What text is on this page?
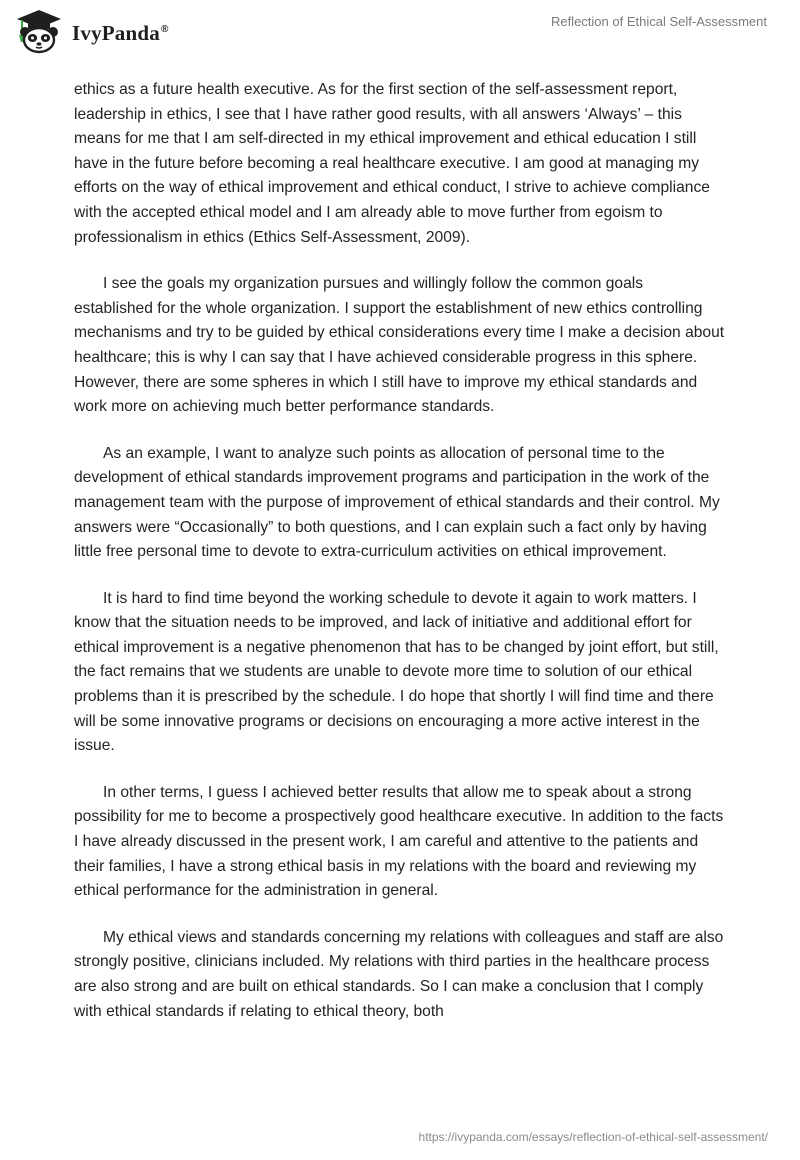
IvyPanda®	Reflection of Ethical Self-Assessment

ethics as a future health executive. As for the first section of the self-assessment report, leadership in ethics, I see that I have rather good results, with all answers ‘Always’ – this means for me that I am self-directed in my ethical improvement and ethical education I still have in the future before becoming a real healthcare executive. I am good at managing my efforts on the way of ethical improvement and ethical conduct, I strive to achieve compliance with the accepted ethical model and I am already able to move further from egoism to professionalism in ethics (Ethics Self-Assessment, 2009).

I see the goals my organization pursues and willingly follow the common goals established for the whole organization. I support the establishment of new ethics controlling mechanisms and try to be guided by ethical considerations every time I make a decision about healthcare; this is why I can say that I have achieved considerable progress in this sphere. However, there are some spheres in which I still have to improve my ethical standards and work more on achieving much better performance standards.

As an example, I want to analyze such points as allocation of personal time to the development of ethical standards improvement programs and participation in the work of the management team with the purpose of improvement of ethical standards and their control. My answers were “Occasionally” to both questions, and I can explain such a fact only by having little free personal time to devote to extra-curriculum activities on ethical improvement.

It is hard to find time beyond the working schedule to devote it again to work matters. I know that the situation needs to be improved, and lack of initiative and additional effort for ethical improvement is a negative phenomenon that has to be changed by joint effort, but still, the fact remains that we students are unable to devote more time to solution of our ethical problems than it is prescribed by the schedule. I do hope that shortly I will find time and there will be some innovative programs or decisions on encouraging a more active interest in the issue.

In other terms, I guess I achieved better results that allow me to speak about a strong possibility for me to become a prospectively good healthcare executive. In addition to the facts I have already discussed in the present work, I am careful and attentive to the patients and their families, I have a strong ethical basis in my relations with the board and reviewing my ethical performance for the administration in general.

My ethical views and standards concerning my relations with colleagues and staff are also strongly positive, clinicians included. My relations with third parties in the healthcare process are also strong and are built on ethical standards. So I can make a conclusion that I comply with ethical standards if relating to ethical theory, both

https://ivypanda.com/essays/reflection-of-ethical-self-assessment/
